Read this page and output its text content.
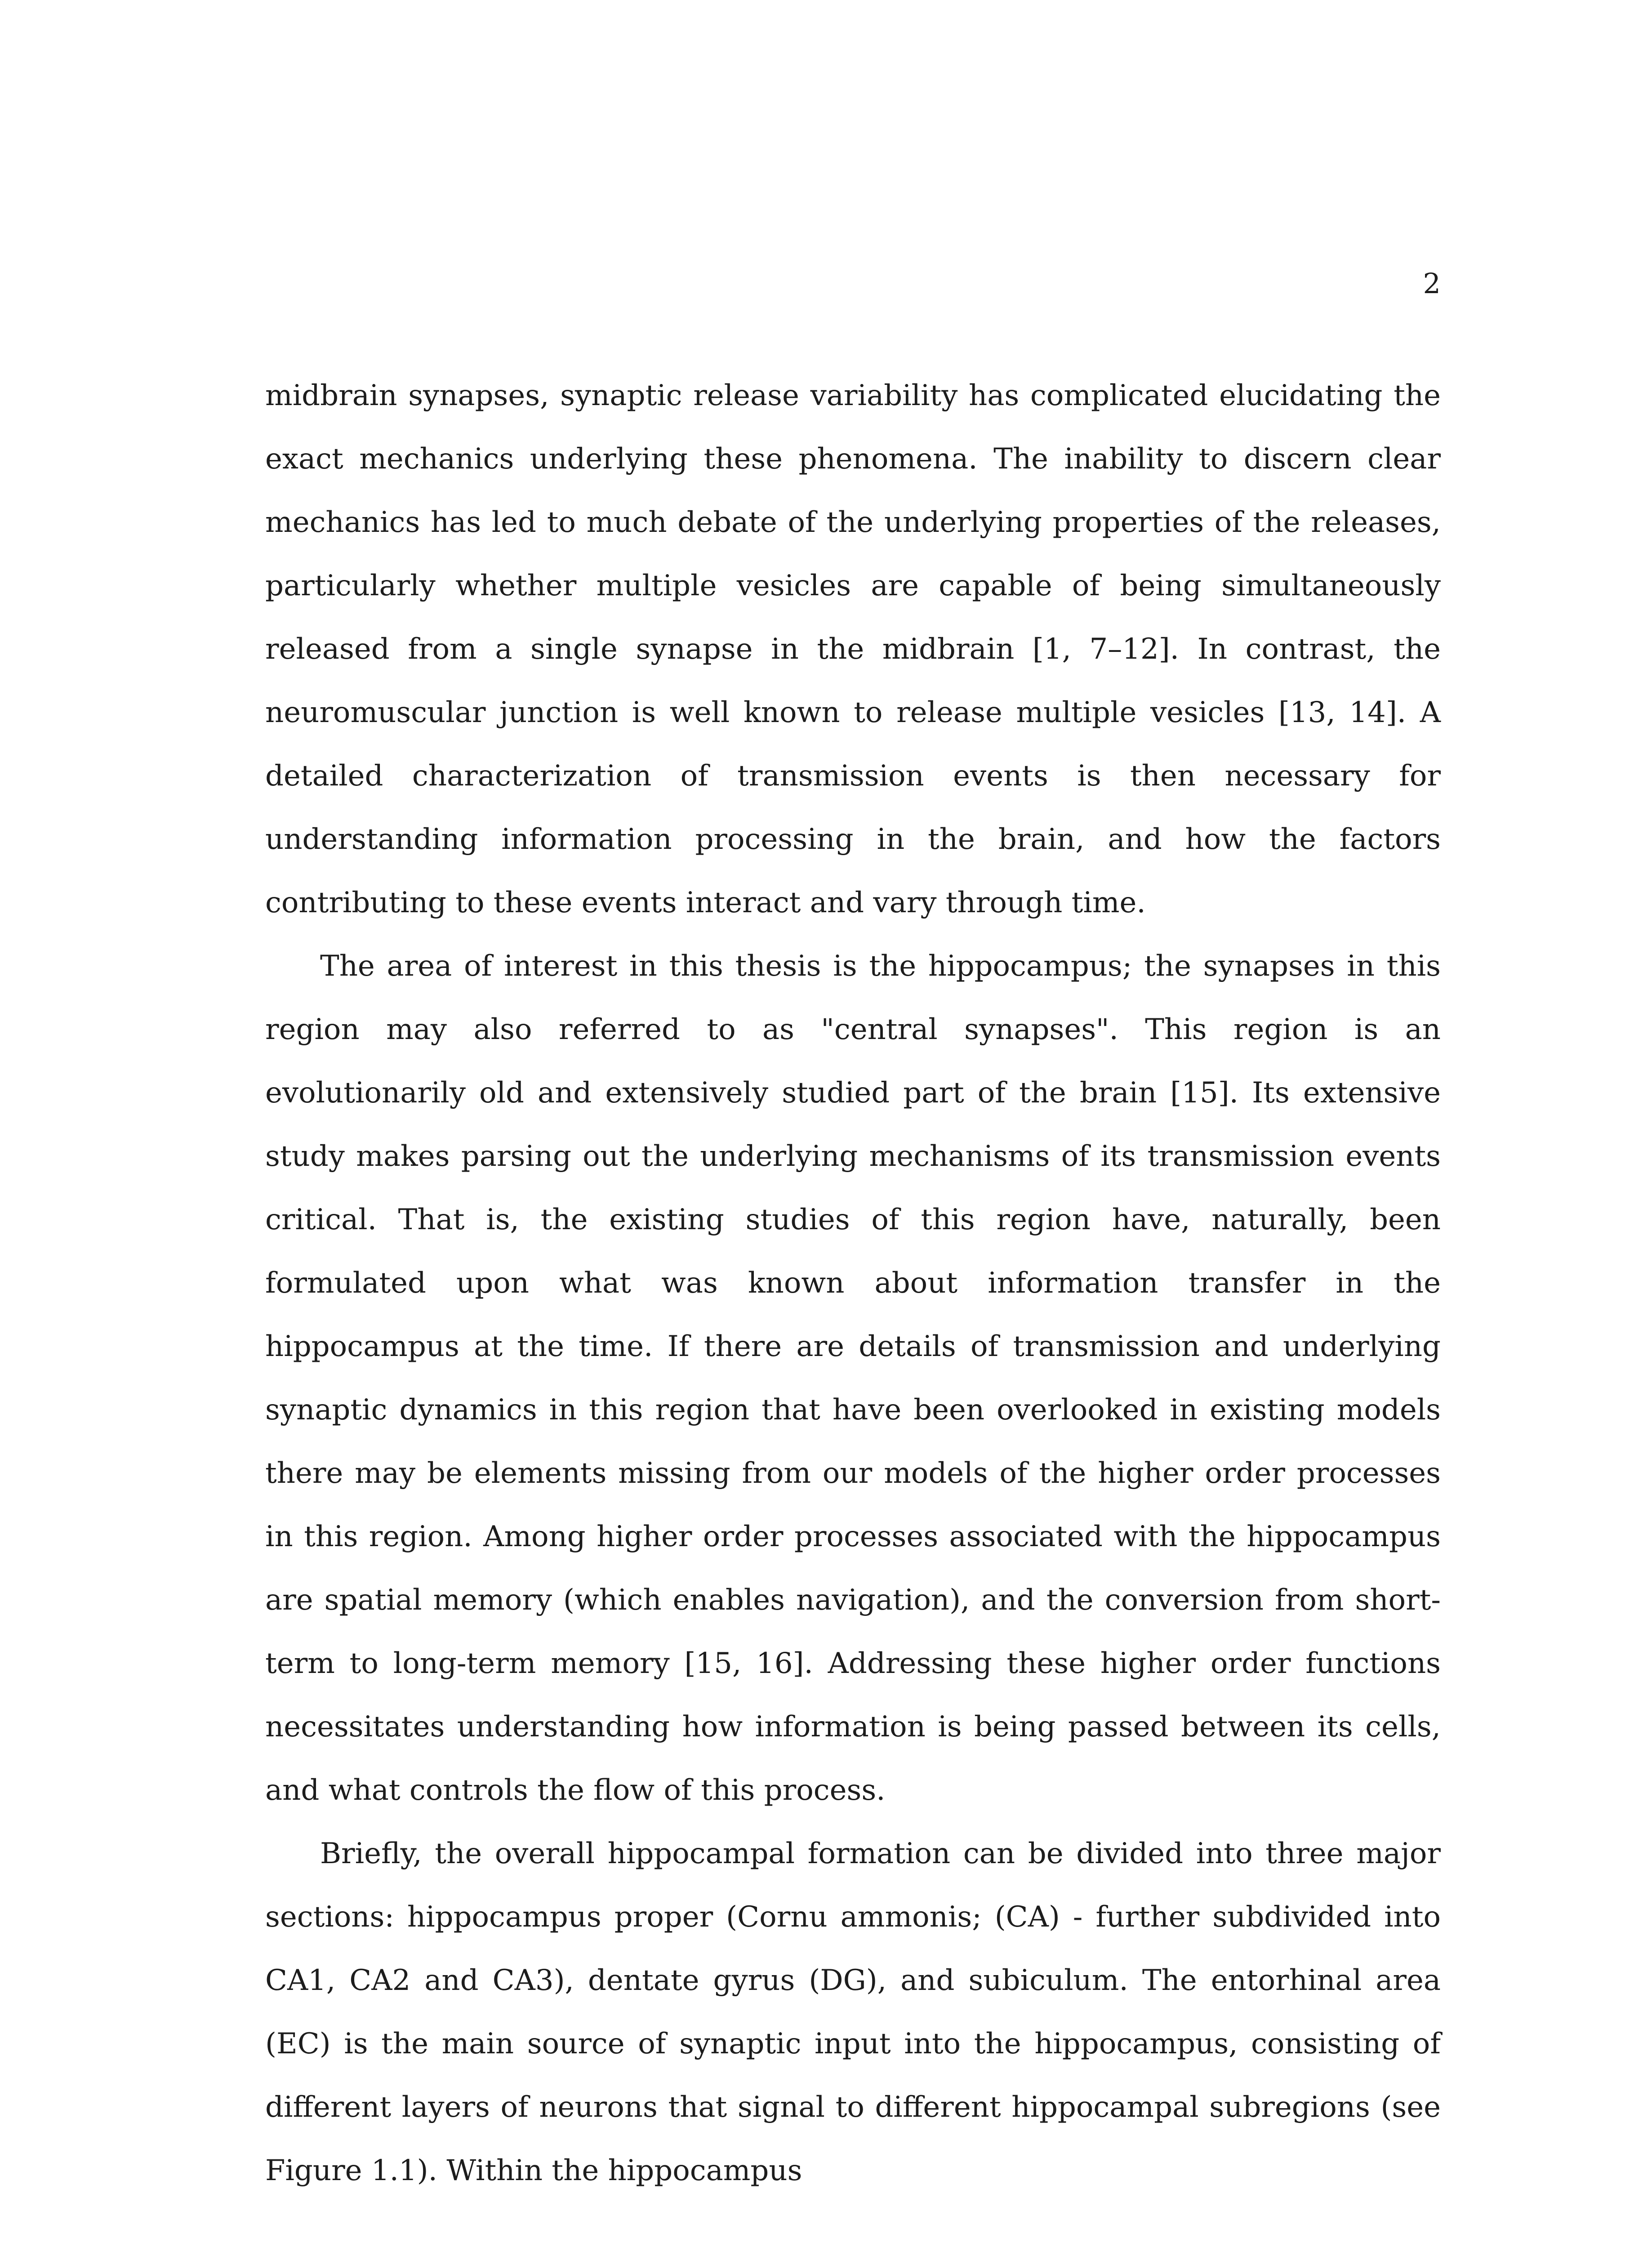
2

midbrain synapses, synaptic release variability has complicated elucidating the exact mechanics underlying these phenomena. The inability to discern clear mechanics has led to much debate of the underlying properties of the releases, particularly whether multiple vesicles are capable of being simultaneously released from a single synapse in the midbrain [1, 7–12]. In contrast, the neuromuscular junction is well known to release multiple vesicles [13, 14]. A detailed characterization of transmission events is then necessary for understanding information processing in the brain, and how the factors contributing to these events interact and vary through time.

The area of interest in this thesis is the hippocampus; the synapses in this region may also referred to as "central synapses". This region is an evolutionarily old and extensively studied part of the brain [15]. Its extensive study makes parsing out the underlying mechanisms of its transmission events critical. That is, the existing studies of this region have, naturally, been formulated upon what was known about information transfer in the hippocampus at the time. If there are details of transmission and underlying synaptic dynamics in this region that have been overlooked in existing models there may be elements missing from our models of the higher order processes in this region. Among higher order processes associated with the hippocampus are spatial memory (which enables navigation), and the conversion from short-term to long-term memory [15, 16]. Addressing these higher order functions necessitates understanding how information is being passed between its cells, and what controls the flow of this process.

Briefly, the overall hippocampal formation can be divided into three major sections: hippocampus proper (Cornu ammonis; (CA) - further subdivided into CA1, CA2 and CA3), dentate gyrus (DG), and subiculum. The entorhinal area (EC) is the main source of synaptic input into the hippocampus, consisting of different layers of neurons that signal to different hippocampal subregions (see Figure 1.1). Within the hippocampus
